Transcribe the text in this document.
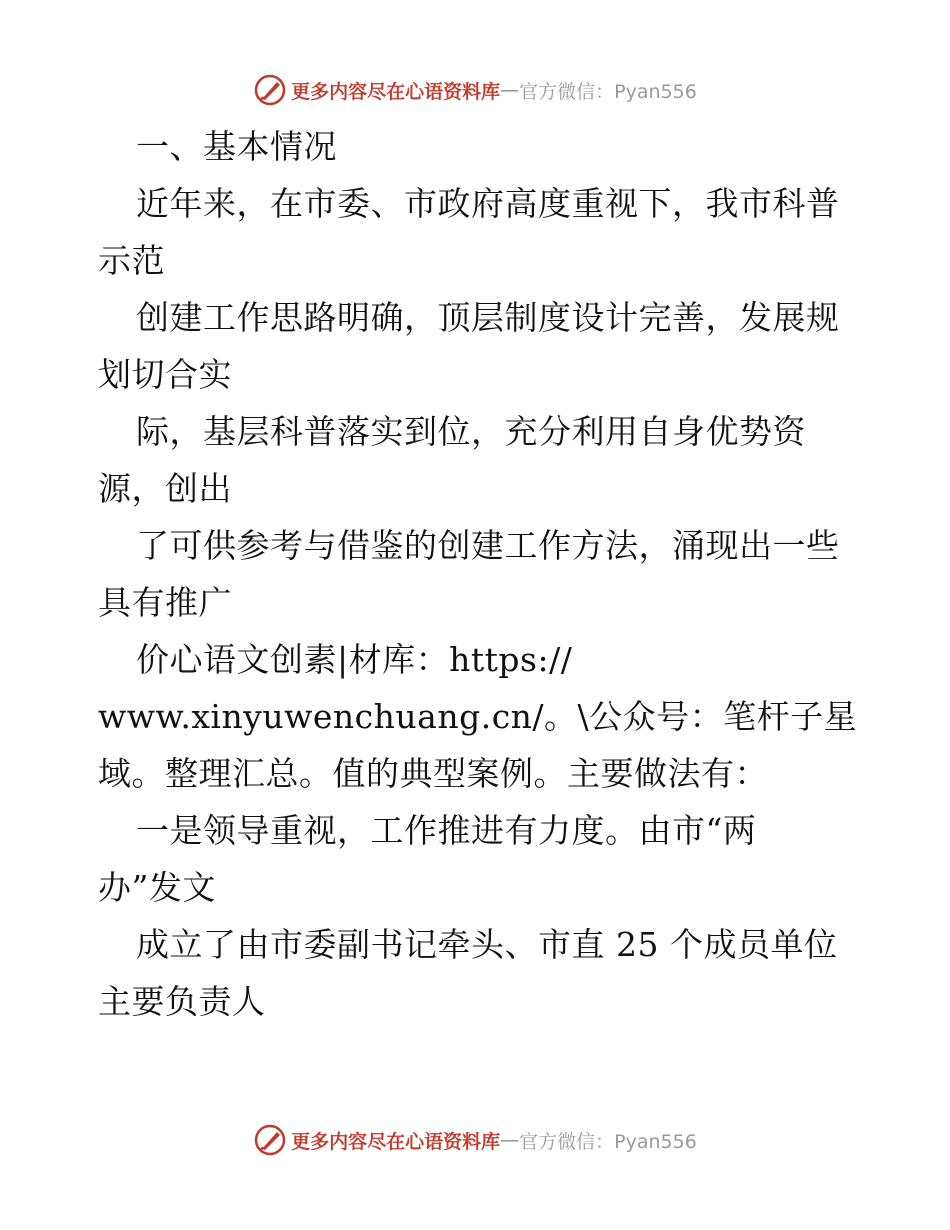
更多内容尽在心语资料库 — 官方微信：Pyan556
一、基本情况
近年来，在市委、市政府高度重视下，我市科普
示范
创建工作思路明确，顶层制度设计完善，发展规
划切合实
际，基层科普落实到位，充分利用自身优势资
源，创出
了可供参考与借鉴的创建工作方法，涌现出一些
具有推广
价心语文创素|材库：https://
www.xinyuwenchuang.cn/。\公众号：笔杆子星
域。整理汇总。值的典型案例。主要做法有：
一是领导重视，工作推进有力度。由市“两
办”发文
成立了由市委副书记牵头、市直 25 个成员单位
主要负责人
更多内容尽在心语资料库 — 官方微信：Pyan556
